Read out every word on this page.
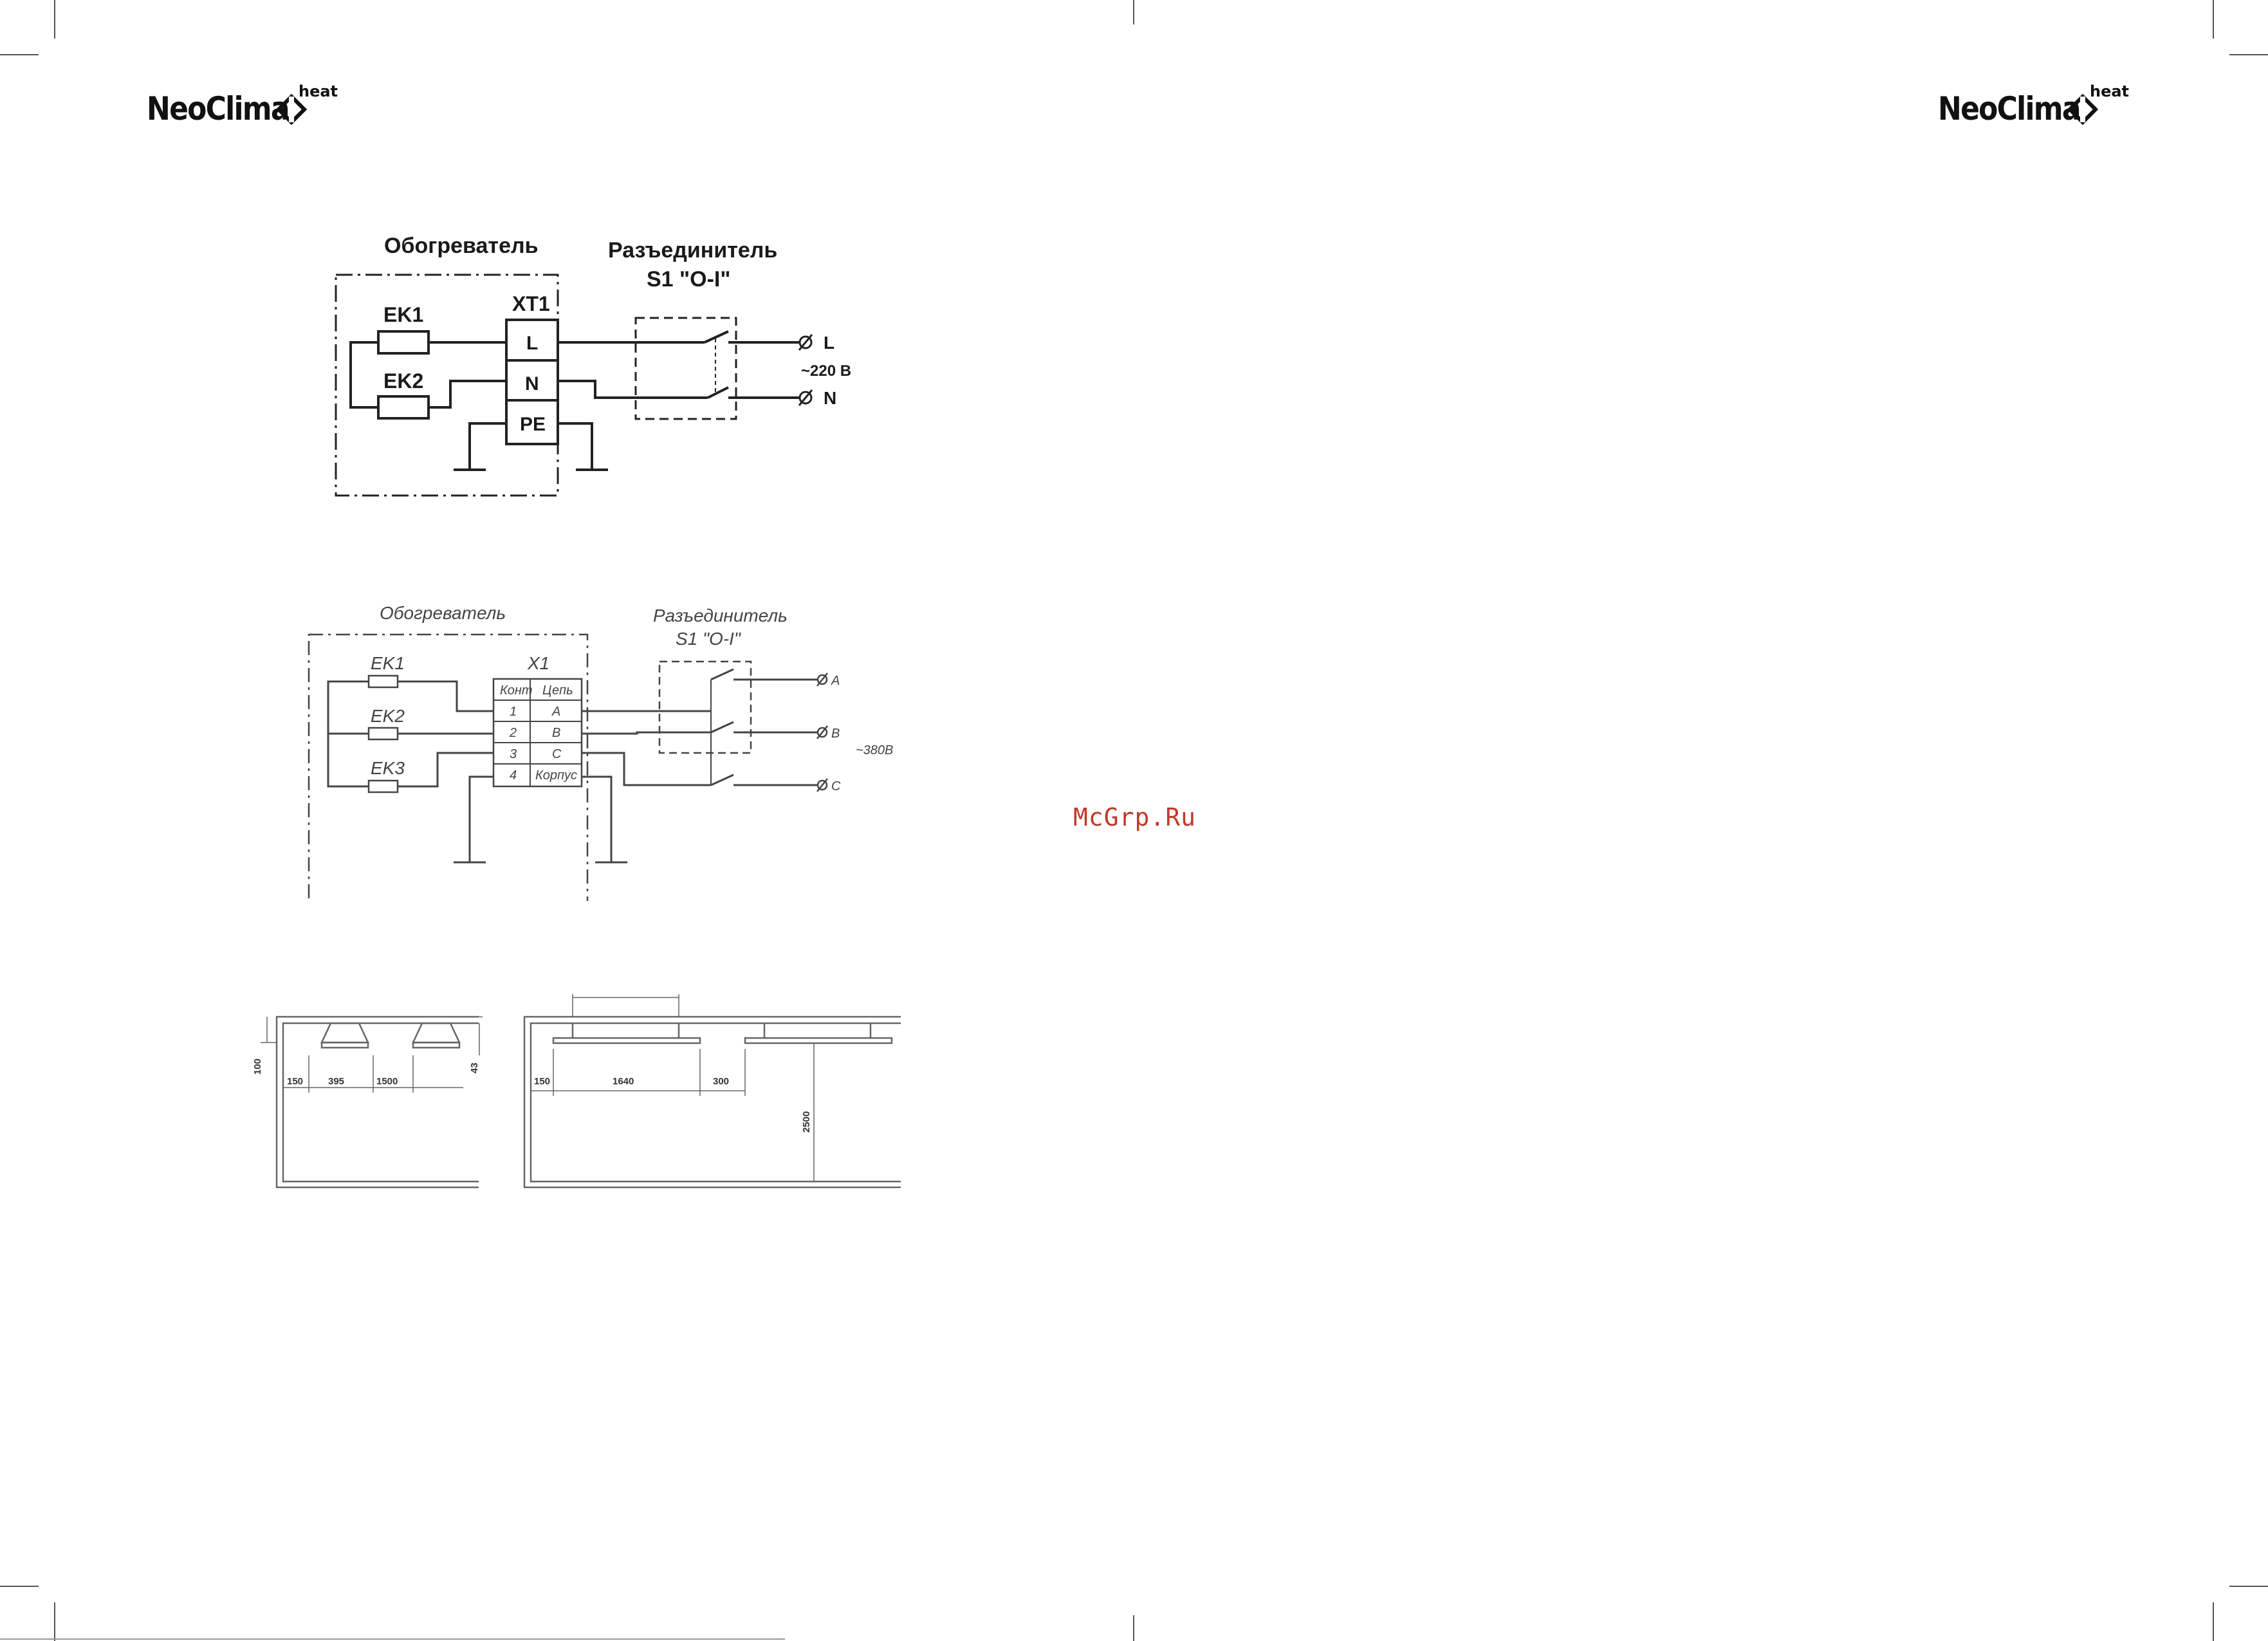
NeoClima heat	NeoClima heat
Обогреватель	Разъединитель
S1 "O-I"
XT1
EK1
EK2
L
N
PE
L
~220 В
N
Обогреватель	Разъединитель
S1 "O-I"
X1
EK1
EK2
EK3
Конт Цепь
1	A
2	B
3	C
4 Корпус
A
B
~380В
C
100
150	395	1500
43
150	1640	300
2500
McGrp.Ru
